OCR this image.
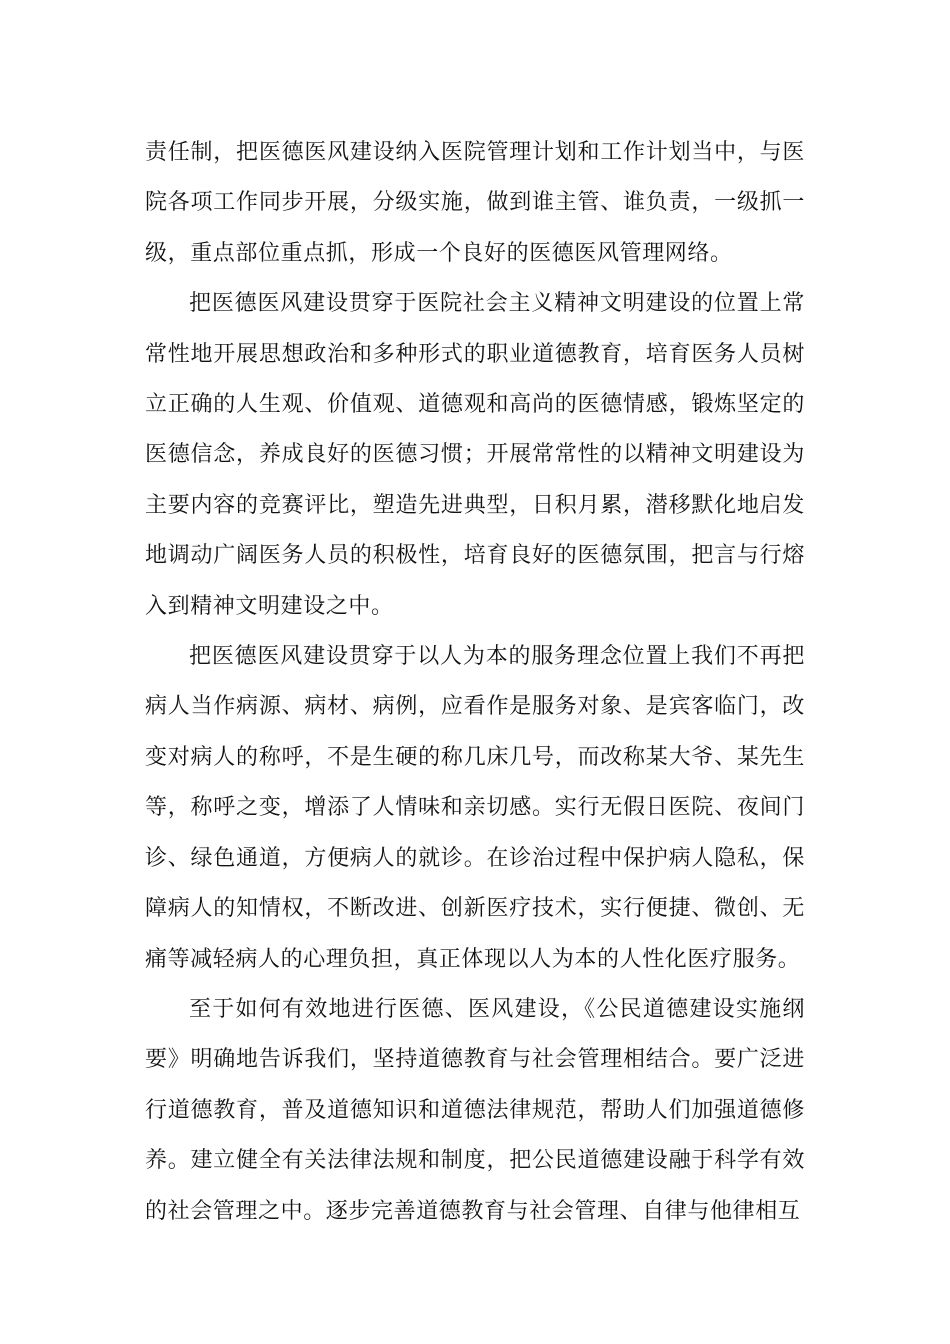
责任制，把医德医风建设纳入医院管理计划和工作计划当中，与医院各项工作同步开展，分级实施，做到谁主管、谁负责，一级抓一级，重点部位重点抓，形成一个良好的医德医风管理网络。

把医德医风建设贯穿于医院社会主义精神文明建设的位置上常常性地开展思想政治和多种形式的职业道德教育，培育医务人员树立正确的人生观、价值观、道德观和高尚的医德情感，锻炼坚定的医德信念，养成良好的医德习惯；开展常常性的以精神文明建设为主要内容的竞赛评比，塑造先进典型，日积月累，潜移默化地启发地调动广阔医务人员的积极性，培育良好的医德氛围，把言与行熔入到精神文明建设之中。

把医德医风建设贯穿于以人为本的服务理念位置上我们不再把病人当作病源、病材、病例，应看作是服务对象、是宾客临门，改变对病人的称呼，不是生硬的称几床几号，而改称某大爷、某先生等，称呼之变，增添了人情味和亲切感。实行无假日医院、夜间门诊、绿色通道，方便病人的就诊。在诊治过程中保护病人隐私，保障病人的知情权，不断改进、创新医疗技术，实行便捷、微创、无痛等减轻病人的心理负担，真正体现以人为本的人性化医疗服务。

至于如何有效地进行医德、医风建设，《公民道德建设实施纲要》明确地告诉我们，坚持道德教育与社会管理相结合。要广泛进行道德教育，普及道德知识和道德法律规范，帮助人们加强道德修养。建立健全有关法律法规和制度，把公民道德建设融于科学有效的社会管理之中。逐步完善道德教育与社会管理、自律与他律相互
